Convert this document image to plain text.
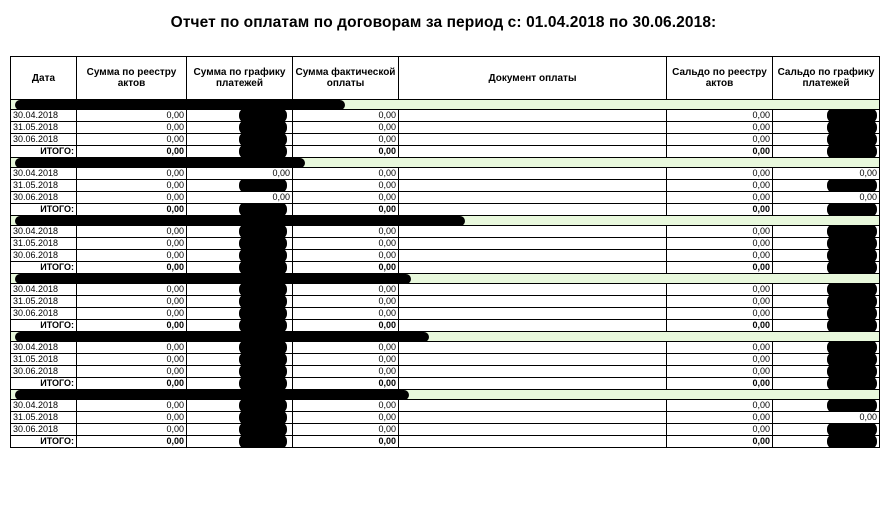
Отчет по оплатам по договорам за период с: 01.04.2018 по 30.06.2018:
Дата	Сумма по реестру актов	Сумма по графику платежей	Сумма фактической оплаты	Документ оплаты	Сальдо по реестру актов	Сальдо по графику платежей

30.04.2018	0,00		0,00		0,00	

31.05.2018	0,00		0,00		0,00	

30.06.2018	0,00		0,00		0,00	

ИТОГО:	0,00		0,00		0,00	

30.04.2018	0,00	0,00	0,00		0,00	0,00
31.05.2018	0,00		0,00		0,00	

30.06.2018	0,00	0,00	0,00		0,00	0,00
ИТОГО:	0,00		0,00		0,00	

30.04.2018	0,00		0,00		0,00	

31.05.2018	0,00		0,00		0,00	

30.06.2018	0,00		0,00		0,00	

ИТОГО:	0,00		0,00		0,00	

30.04.2018	0,00		0,00		0,00	

31.05.2018	0,00		0,00		0,00	

30.06.2018	0,00		0,00		0,00	

ИТОГО:	0,00		0,00		0,00	

30.04.2018	0,00		0,00		0,00	

31.05.2018	0,00		0,00		0,00	

30.06.2018	0,00		0,00		0,00	

ИТОГО:	0,00		0,00		0,00	

30.04.2018	0,00		0,00		0,00	

31.05.2018	0,00		0,00		0,00	0,00
30.06.2018	0,00		0,00		0,00	

ИТОГО:	0,00		0,00		0,00	
